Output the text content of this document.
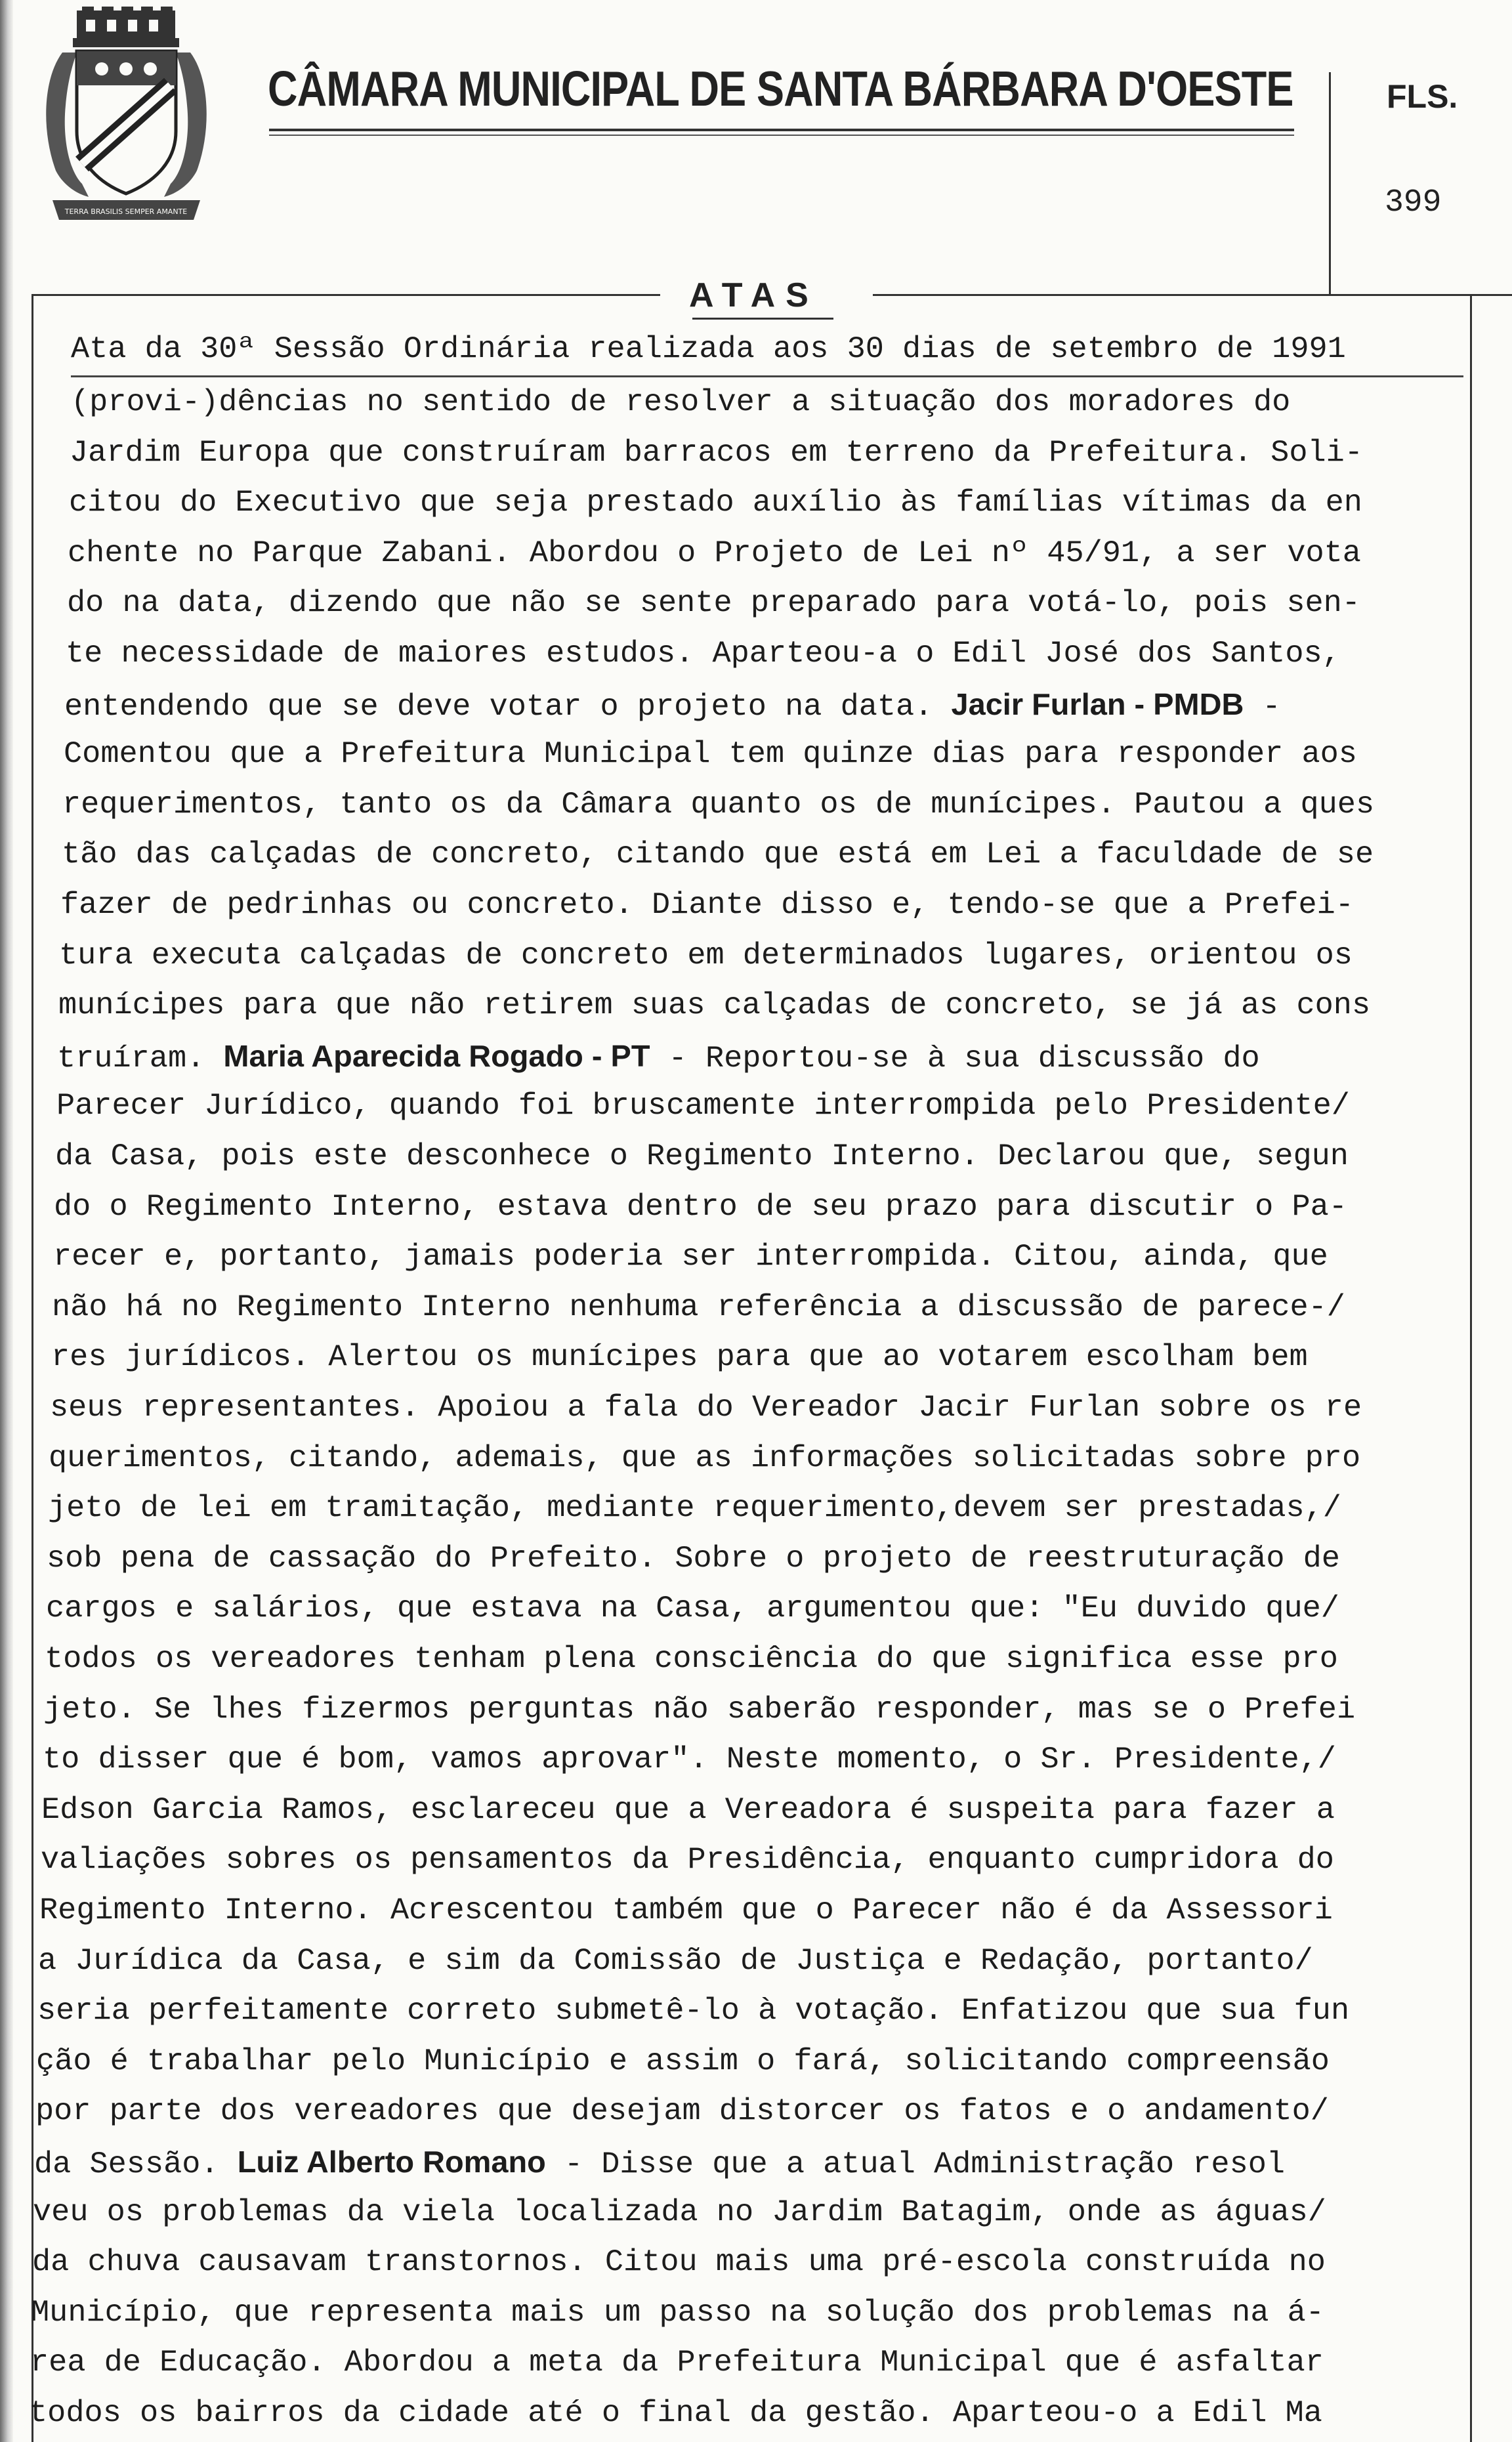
TERRA BRASILIS SEMPER AMANTE
CÂMARA MUNICIPAL DE SANTA BÁRBARA D'OESTE	FLS.
399
ATAS
Ata da 30ª Sessão Ordinária realizada aos 30 dias de setembro de 1991
(provi-)dências no sentido de resolver a situação dos moradores do
Jardim Europa que construíram barracos em terreno da Prefeitura. Soli-
citou do Executivo que seja prestado auxílio às famílias vítimas da en
chente no Parque Zabani. Abordou o Projeto de Lei nº 45/91, a ser vota
do na data, dizendo que não se sente preparado para votá-lo, pois sen-
te necessidade de maiores estudos. Aparteou-a o Edil José dos Santos,
entendendo que se deve votar o projeto na data. Jacir Furlan - PMDB -
Comentou que a Prefeitura Municipal tem quinze dias para responder aos
requerimentos, tanto os da Câmara quanto os de munícipes. Pautou a ques
tão das calçadas de concreto, citando que está em Lei a faculdade de se
fazer de pedrinhas ou concreto. Diante disso e, tendo-se que a Prefei-
tura executa calçadas de concreto em determinados lugares, orientou os
munícipes para que não retirem suas calçadas de concreto, se já as cons
truíram. Maria Aparecida Rogado - PT - Reportou-se à sua discussão do
Parecer Jurídico, quando foi bruscamente interrompida pelo Presidente/
da Casa, pois este desconhece o Regimento Interno. Declarou que, segun
do o Regimento Interno, estava dentro de seu prazo para discutir o Pa-
recer e, portanto, jamais poderia ser interrompida. Citou, ainda, que
não há no Regimento Interno nenhuma referência a discussão de parece-/
res jurídicos. Alertou os munícipes para que ao votarem escolham bem
seus representantes. Apoiou a fala do Vereador Jacir Furlan sobre os re
querimentos, citando, ademais, que as informações solicitadas sobre pro
jeto de lei em tramitação, mediante requerimento,devem ser prestadas,/
sob pena de cassação do Prefeito. Sobre o projeto de reestruturação de
cargos e salários, que estava na Casa, argumentou que: "Eu duvido que/
todos os vereadores tenham plena consciência do que significa esse pro
jeto. Se lhes fizermos perguntas não saberão responder, mas se o Prefei
to disser que é bom, vamos aprovar". Neste momento, o Sr. Presidente,/
Edson Garcia Ramos, esclareceu que a Vereadora é suspeita para fazer a
valiações sobres os pensamentos da Presidência, enquanto cumpridora do
Regimento Interno. Acrescentou também que o Parecer não é da Assessori
a Jurídica da Casa, e sim da Comissão de Justiça e Redação, portanto/
seria perfeitamente correto submetê-lo à votação. Enfatizou que sua fun
ção é trabalhar pelo Município e assim o fará, solicitando compreensão
por parte dos vereadores que desejam distorcer os fatos e o andamento/
da Sessão. Luiz Alberto Romano - Disse que a atual Administração resol
veu os problemas da viela localizada no Jardim Batagim, onde as águas/
da chuva causavam transtornos. Citou mais uma pré-escola construída no
Município, que representa mais um passo na solução dos problemas na á-
rea de Educação. Abordou a meta da Prefeitura Municipal que é asfaltar
todos os bairros da cidade até o final da gestão. Aparteou-o a Edil Ma
